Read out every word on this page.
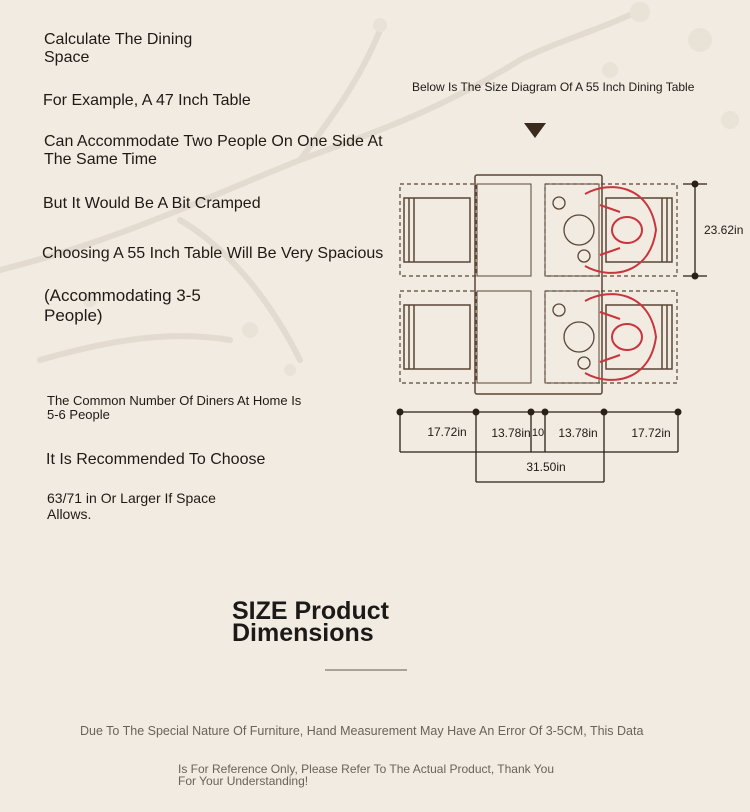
Calculate The Dining
Space
For Example, A 47 Inch Table
Can Accommodate Two People On One Side At
The Same Time
But It Would Be A Bit Cramped
Choosing A 55 Inch Table Will Be Very Spacious
(Accommodating 3-5
People)
The Common Number Of Diners At Home Is
5-6 People
It Is Recommended To Choose
63/71 in Or Larger If Space
Allows.
Below Is The Size Diagram Of A 55 Inch Dining Table
23.62in
17.72in 13.78in 10 13.78in	17.72in
31.50in
SIZE Product
Dimensions
Due To The Special Nature Of Furniture, Hand Measurement May Have An Error Of 3-5CM, This Data
Is For Reference Only, Please Refer To The Actual Product, Thank You
For Your Understanding!
